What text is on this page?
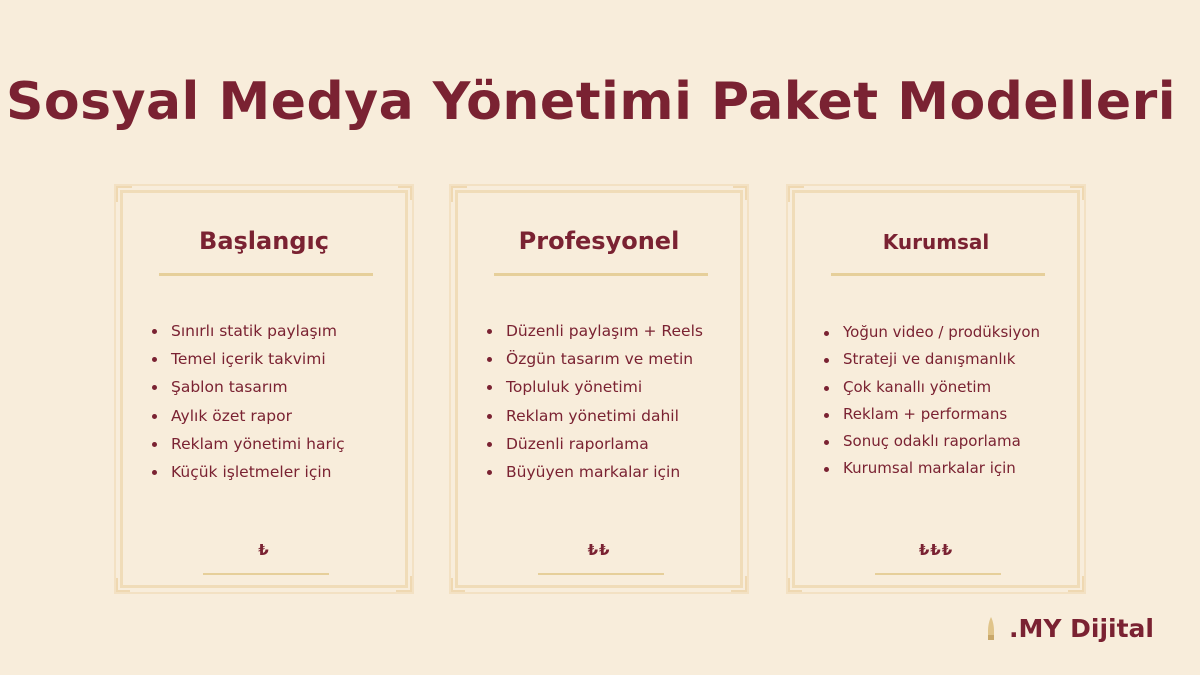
Sosyal Medya Yönetimi Paket Modelleri
Başlangıç
Sınırlı statik paylaşım
Temel içerik takvimi
Şablon tasarım
Aylık özet rapor
Reklam yönetimi hariç
Küçük işletmeler için
₺
Profesyonel
Düzenli paylaşım + Reels
Özgün tasarım ve metin
Topluluk yönetimi
Reklam yönetimi dahil
Düzenli raporlama
Büyüyen markalar için
₺₺
Kurumsal
Yoğun video / prodüksiyon
Strateji ve danışmanlık
Çok kanallı yönetim
Reklam + performans
Sonuç odaklı raporlama
Kurumsal markalar için
₺₺₺
.MY Dijital
